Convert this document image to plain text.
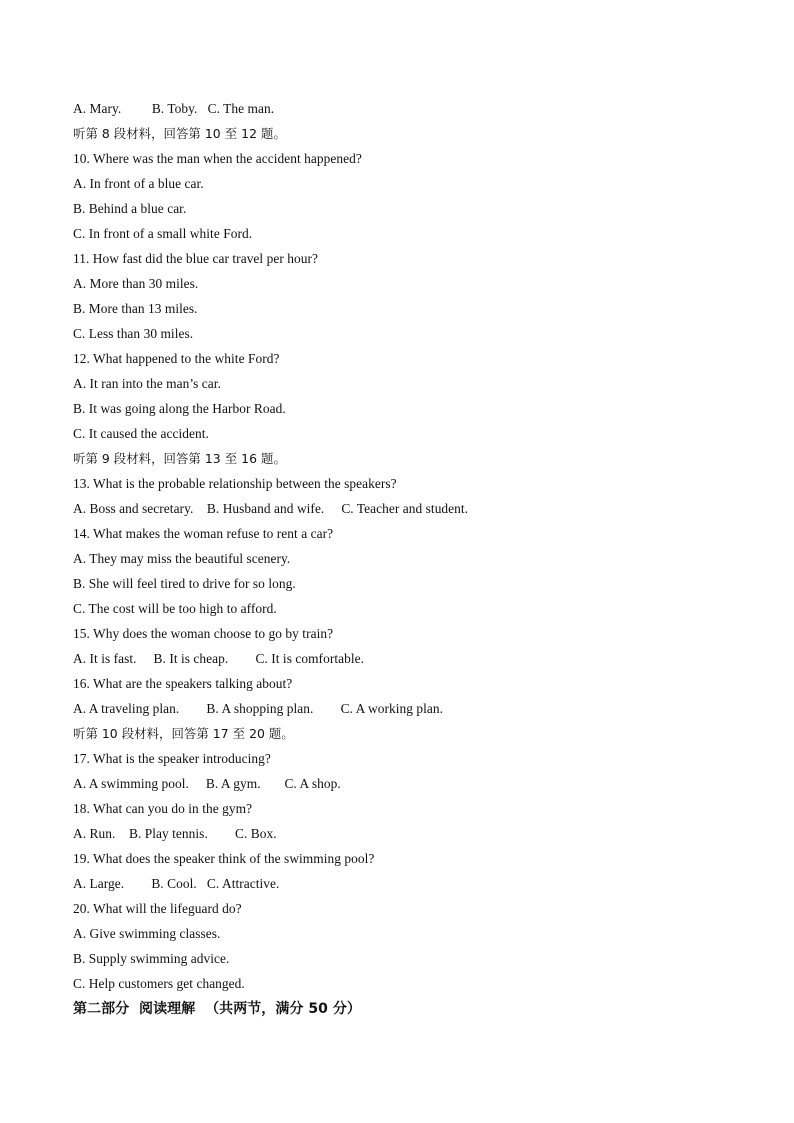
A. Mary.         B. Toby.   C. The man.
听第 8 段材料，回答第 10 至 12 题。
10. Where was the man when the accident happened?
A. In front of a blue car.
B. Behind a blue car.
C. In front of a small white Ford.
11. How fast did the blue car travel per hour?
A. More than 30 miles.
B. More than 13 miles.
C. Less than 30 miles.
12. What happened to the white Ford?
A. It ran into the man’s car.
B. It was going along the Harbor Road.
C. It caused the accident.
听第 9 段材料，回答第 13 至 16 题。
13. What is the probable relationship between the speakers?
A. Boss and secretary.    B. Husband and wife.     C. Teacher and student.
14. What makes the woman refuse to rent a car?
A. They may miss the beautiful scenery.
B. She will feel tired to drive for so long.
C. The cost will be too high to afford.
15. Why does the woman choose to go by train?
A. It is fast.     B. It is cheap.        C. It is comfortable.
16. What are the speakers talking about?
A. A traveling plan.        B. A shopping plan.        C. A working plan.
听第 10 段材料，回答第 17 至 20 题。
17. What is the speaker introducing?
A. A swimming pool.     B. A gym.       C. A shop.
18. What can you do in the gym?
A. Run.    B. Play tennis.        C. Box.
19. What does the speaker think of the swimming pool?
A. Large.        B. Cool.   C. Attractive.
20. What will the lifeguard do?
A. Give swimming classes.
B. Supply swimming advice.
C. Help customers get changed.
第二部分  阅读理解  （共两节，满分 50 分）
